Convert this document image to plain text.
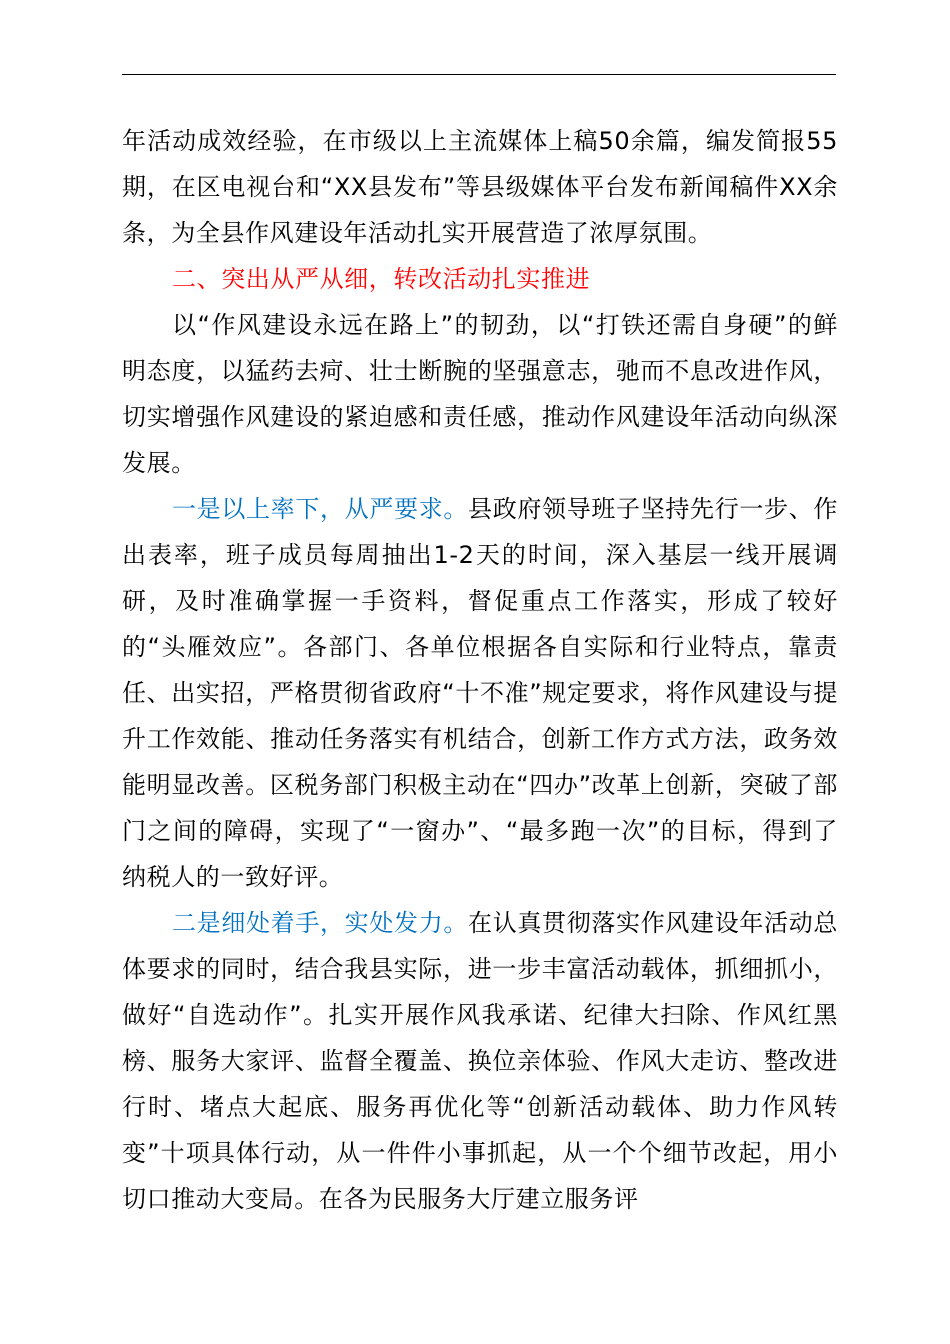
年活动成效经验，在市级以上主流媒体上稿50余篇，编发简报55期，在区电视台和“XX县发布”等县级媒体平台发布新闻稿件XX余条，为全县作风建设年活动扎实开展营造了浓厚氛围。

二、突出从严从细，转改活动扎实推进

以“作风建设永远在路上”的韧劲，以“打铁还需自身硬”的鲜明态度，以猛药去疴、壮士断腕的坚强意志，驰而不息改进作风，切实增强作风建设的紧迫感和责任感，推动作风建设年活动向纵深发展。

一是以上率下，从严要求。县政府领导班子坚持先行一步、作出表率，班子成员每周抽出1-2天的时间，深入基层一线开展调研，及时准确掌握一手资料，督促重点工作落实，形成了较好的“头雁效应”。各部门、各单位根据各自实际和行业特点，靠责任、出实招，严格贯彻省政府“十不准”规定要求，将作风建设与提升工作效能、推动任务落实有机结合，创新工作方式方法，政务效能明显改善。区税务部门积极主动在“四办”改革上创新，突破了部门之间的障碍，实现了“一窗办”、“最多跑一次”的目标，得到了纳税人的一致好评。

二是细处着手，实处发力。在认真贯彻落实作风建设年活动总体要求的同时，结合我县实际，进一步丰富活动载体，抓细抓小，做好“自选动作”。扎实开展作风我承诺、纪律大扫除、作风红黑榜、服务大家评、监督全覆盖、换位亲体验、作风大走访、整改进行时、堵点大起底、服务再优化等“创新活动载体、助力作风转变”十项具体行动，从一件件小事抓起，从一个个细节改起，用小切口推动大变局。在各为民服务大厅建立服务评
